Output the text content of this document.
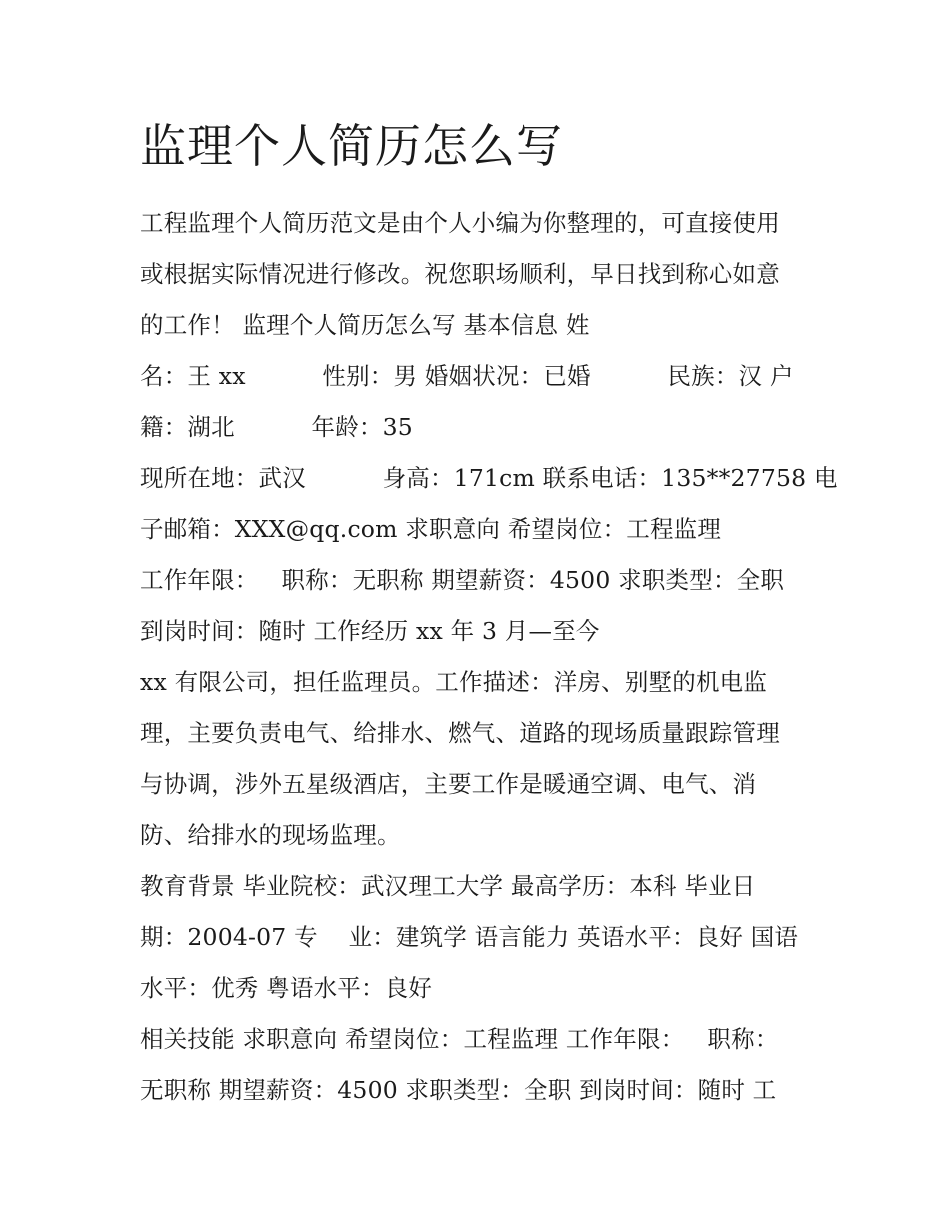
监理个人简历怎么写
工程监理个人简历范文是由个人小编为你整理的，可直接使用
或根据实际情况进行修改。祝您职场顺利，早日找到称心如意
的工作！ 监理个人简历怎么写 基本信息 姓
名：王 xx          性别：男 婚姻状况：已婚          民族：汉 户
籍：湖北          年龄：35
现所在地：武汉          身高：171cm 联系电话：135**27758 电
子邮箱：XXX@qq.com 求职意向 希望岗位：工程监理
工作年限：   职称：无职称 期望薪资：4500 求职类型：全职
到岗时间：随时 工作经历 xx 年 3 月—至今
xx 有限公司，担任监理员。工作描述：洋房、别墅的机电监
理，主要负责电气、给排水、燃气、道路的现场质量跟踪管理
与协调，涉外五星级酒店，主要工作是暖通空调、电气、消
防、给排水的现场监理。
教育背景 毕业院校：武汉理工大学 最高学历：本科 毕业日
期：2004-07 专    业：建筑学 语言能力 英语水平：良好 国语
水平：优秀 粤语水平：良好
相关技能 求职意向 希望岗位：工程监理 工作年限：   职称：
无职称 期望薪资：4500 求职类型：全职 到岗时间：随时 工
